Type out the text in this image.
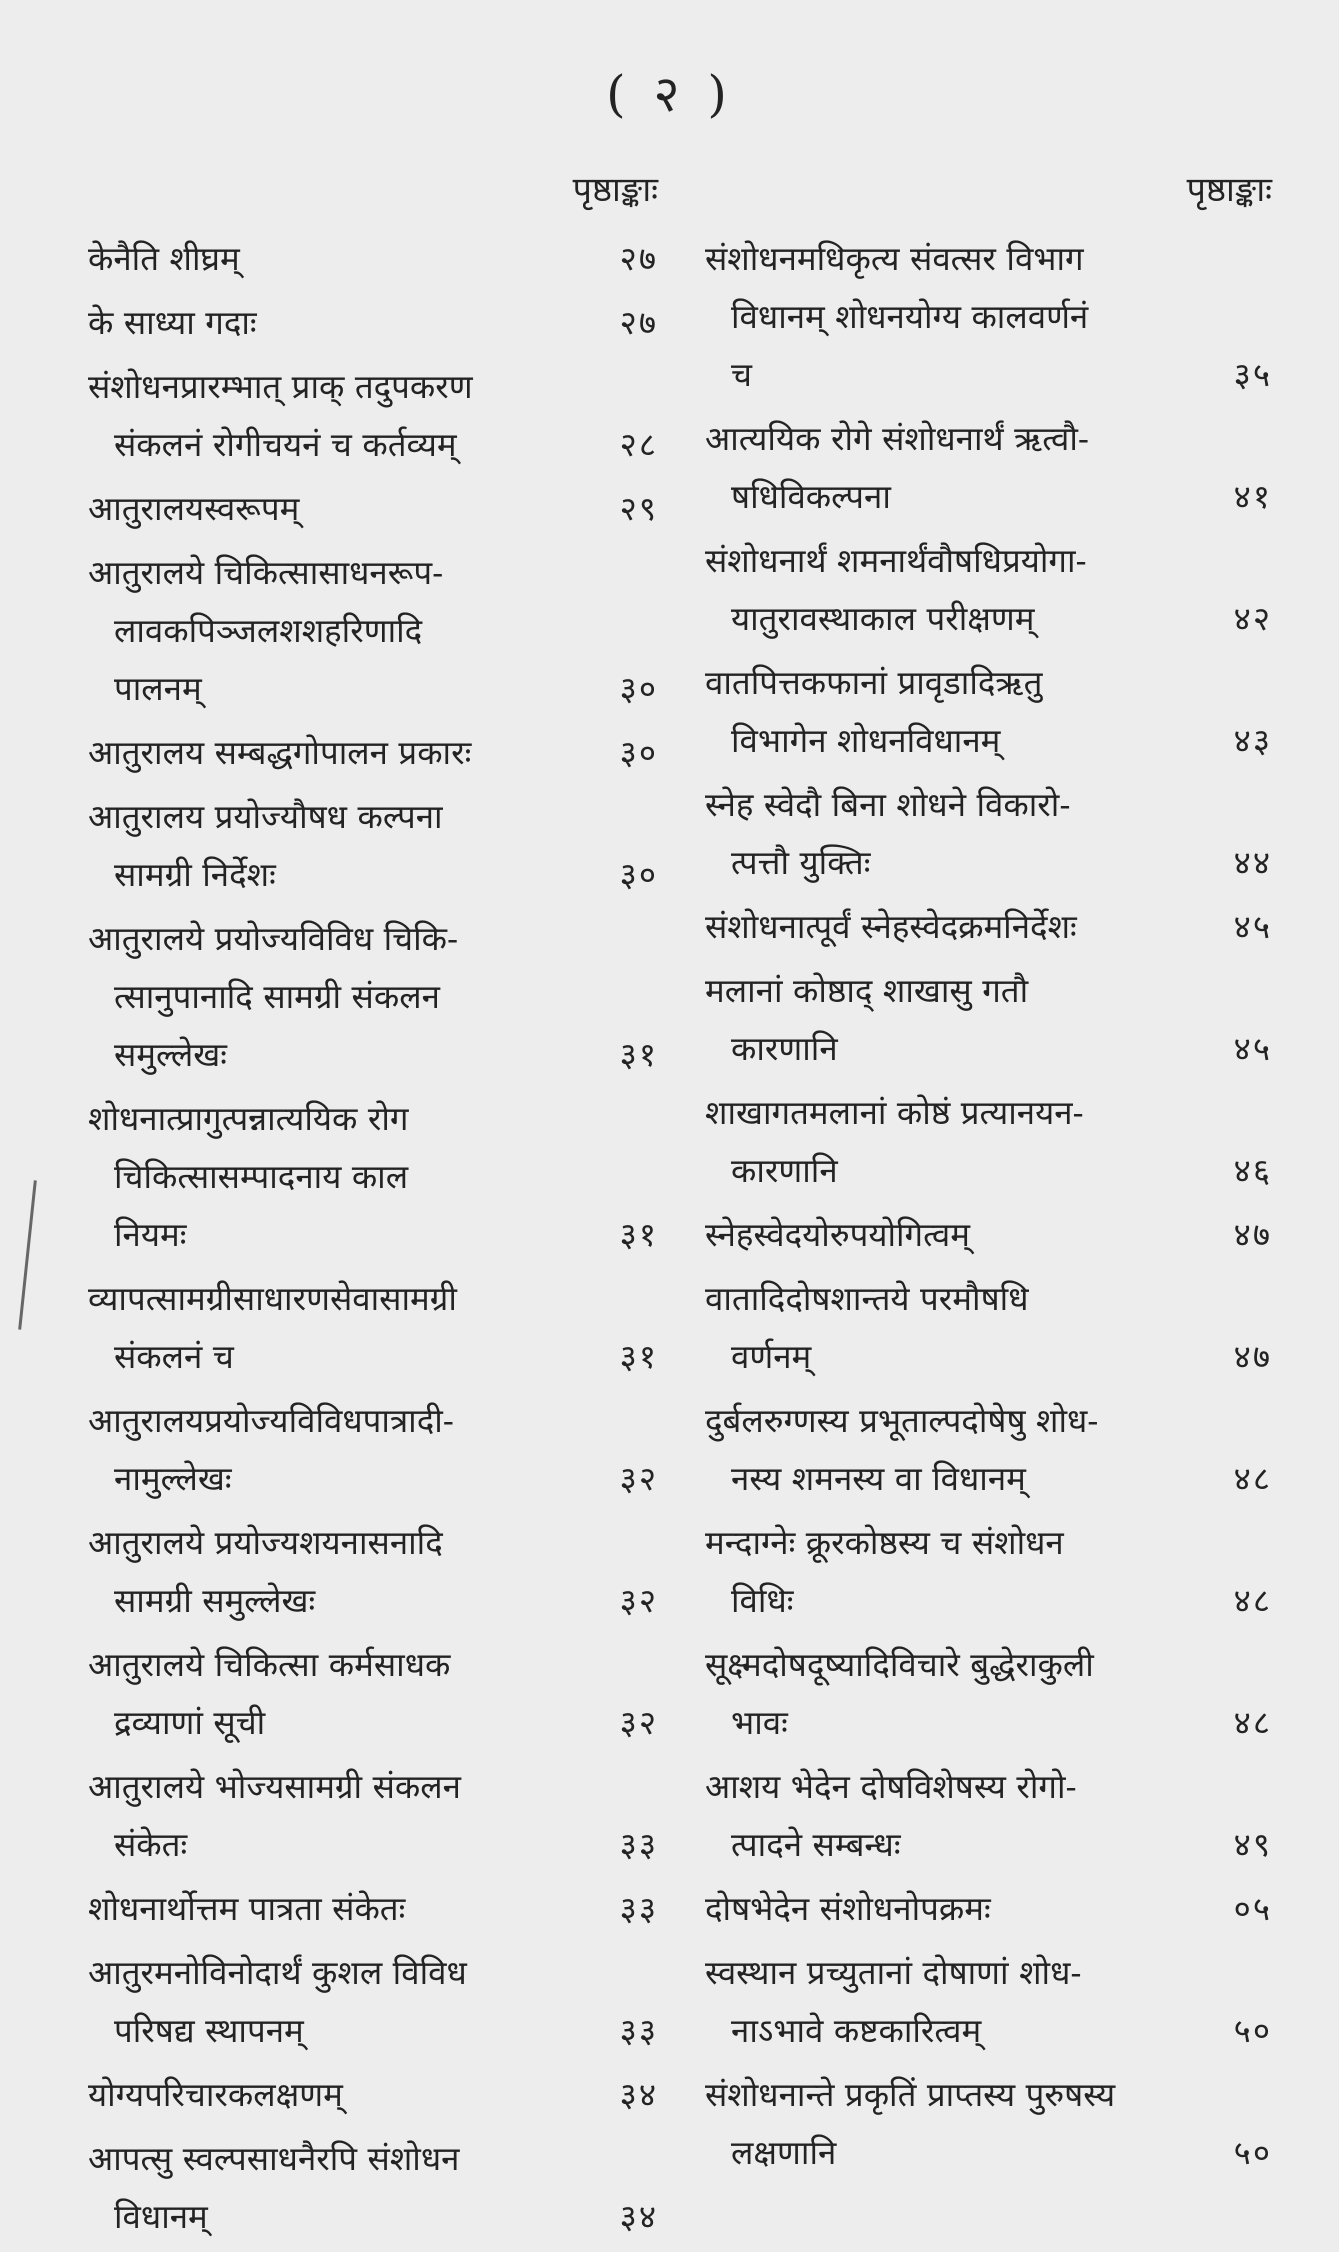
( २ )
पृष्ठाङ्काः
केनैति शीघ्रम्	२७
के साध्या गदाः	२७
संशोधनप्रारम्भात् प्राक् तदुपकरण
संकलनं रोगीचयनं च कर्तव्यम्	२८
आतुरालयस्वरूपम्	२९
आतुरालये चिकित्सासाधनरूप-
लावकपिञ्जलशशहरिणादि
पालनम्	३०
आतुरालय सम्बद्धगोपालन प्रकारः	३०
आतुरालय प्रयोज्यौषध कल्पना
सामग्री निर्देशः	३०
आतुरालये प्रयोज्यविविध चिकि-
त्सानुपानादि सामग्री संकलन
समुल्लेखः	३१
शोधनात्प्रागुत्पन्नात्ययिक रोग
चिकित्सासम्पादनाय काल
नियमः	३१
व्यापत्सामग्रीसाधारणसेवासामग्री
संकलनं च	३१
आतुरालयप्रयोज्यविविधपात्रादी-
नामुल्लेखः	३२
आतुरालये प्रयोज्यशयनासनादि
सामग्री समुल्लेखः	३२
आतुरालये चिकित्सा कर्मसाधक
द्रव्याणां सूची	३२
आतुरालये भोज्यसामग्री संकलन
संकेतः	३३
शोधनार्थोत्तम पात्रता संकेतः	३३
आतुरमनोविनोदार्थं कुशल विविध
परिषद्य स्थापनम्	३३
योग्यपरिचारकलक्षणम्	३४
आपत्सु स्वल्पसाधनैरपि संशोधन
विधानम्	३४
पृष्ठाङ्काः
संशोधनमधिकृत्य संवत्सर विभाग
विधानम् शोधनयोग्य कालवर्णनं
च	३५
आत्ययिक रोगे संशोधनार्थं ऋत्वौ-
षधिविकल्पना	४१
संशोधनार्थं शमनार्थंवौषधिप्रयोगा-
यातुरावस्थाकाल परीक्षणम्	४२
वातपित्तकफानां प्रावृडादिऋतु
विभागेन शोधनविधानम्	४३
स्नेह स्वेदौ बिना शोधने विकारो-
त्पत्तौ युक्तिः	४४
संशोधनात्पूर्वं स्नेहस्वेदक्रमनिर्देशः	४५
मलानां कोष्ठाद् शाखासु गतौ
कारणानि	४५
शाखागतमलानां कोष्ठं प्रत्यानयन-
कारणानि	४६
स्नेहस्वेदयोरुपयोगित्वम्	४७
वातादिदोषशान्तये परमौषधि
वर्णनम्	४७
दुर्बलरुग्णस्य प्रभूताल्पदोषेषु शोध-
नस्य शमनस्य वा विधानम्	४८
मन्दाग्नेः क्रूरकोष्ठस्य च संशोधन
विधिः	४८
सूक्ष्मदोषदूष्यादिविचारे बुद्धेराकुली
भावः	४८
आशय भेदेन दोषविशेषस्य रोगो-
त्पादने सम्बन्धः	४९
दोषभेदेन संशोधनोपक्रमः	०५
स्वस्थान प्रच्युतानां दोषाणां शोध-
नाऽभावे कष्टकारित्वम्	५०
संशोधनान्ते प्रकृतिं प्राप्तस्य पुरुषस्य
लक्षणानि	५०
